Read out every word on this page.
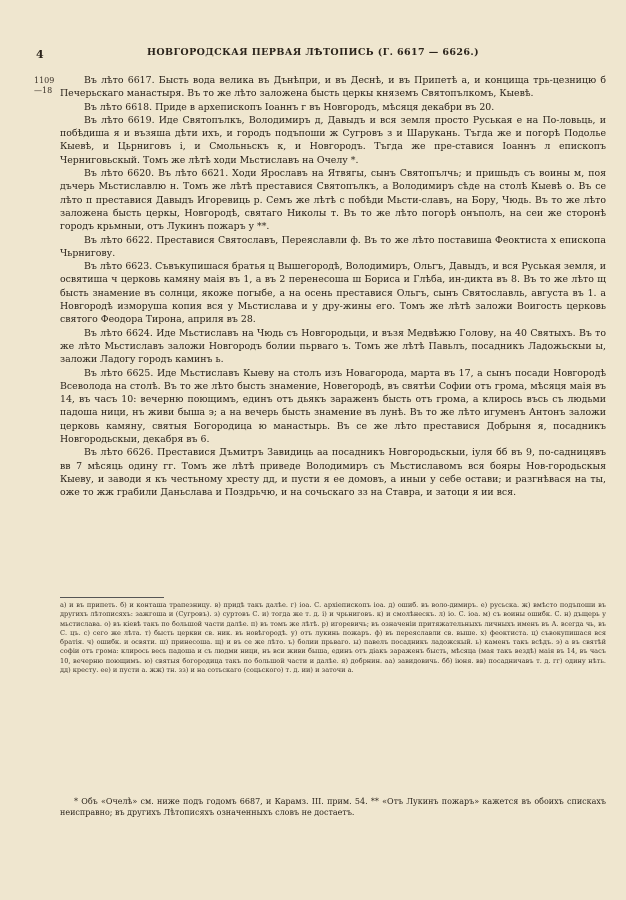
4	НОВГОРОДСКАЯ ПЕРВАЯ ЛѢТОПИСЬ (Г. 6617 — 6626.)
1109
—18

Въ лѣто 6617. Бысть вода велика въ Дънѣпри, и въ Деснѣ, и въ Припетѣ а, и концища трь-цезницю б Печерьскаго манастыря. Въ то же лѣто заложена бысть церкы княземъ Святопълкомъ, Кыевѣ.

Въ лѣто 6618. Приде в архепископъ Іоаннъ г въ Новгородъ, мѣсяця декабри въ 20.

Въ лѣто 6619. Иде Святопълкъ, Володимиръ д, Давыдъ и вся земля просто Руськая е на По-ловьць, и побѣдиша я и възяша дѣти ихъ, и городъ подъпоши ж Сугровъ з и Шарукань. Тъгда же и погорѣ Подолье Кыевѣ, и Цьрниговъ і, и Смольньскъ к, и Новгородъ. Тъгда же пре-ставися Іоаннъ л епископъ Черниговьскый. Томъ же лѣтѣ ходи Мьстиславъ на Очелу *.

Въ лѣто 6620. Въ лѣто 6621. Ходи Ярославъ на Ятвягы, сынъ Святопълчь; и пришьдъ съ воины м, поя дъчерь Мьстиславлю н. Томъ же лѣтѣ преставися Святопълкъ, а Володимиръ сѣде на столѣ Кыевѣ о. Въ се лѣто п преставися Давыдъ Игоревиць р. Семъ же лѣтѣ с побѣди Мьсти-славъ, на Бору, Чюдь. Въ то же лѣто заложена бысть церкы, Новгородѣ, святаго Николы т. Въ то же лѣто погорѣ онъполъ, на сеи же сторонѣ городъ крьмныи, отъ Лукинъ пожаръ у **.

Въ лѣто 6622. Преставися Святославъ, Переяславли ф. Въ то же лѣто поставиша Феоктиста х епископа Чьрнигову.

Въ лѣто 6623. Съвъкупишася братья ц Вышегородѣ, Володимиръ, Ольгъ, Давыдъ, и вся Руськая земля, и освятиша ч церковь камяну маія въ 1, а въ 2 перенесоша ш Бориса и Глѣба, ин-дикта въ 8. Въ то же лѣто щ бысть знамение въ солнци, якоже погыбе, а на осень преставися Ольгъ, сынъ Святославль, августа въ 1. а Новгородѣ изморуша копия вся у Мьстислава и у дру-жины его. Томъ же лѣтѣ заложи Воигость церковь святого Феодора Тирона, априля въ 28.

Въ лѣто 6624. Иде Мьстиславъ на Чюдь съ Новгородьци, и възя Медвѣжю Голову, на 40 Святыхъ. Въ то же лѣто Мьстиславъ заложи Новгородъ болии пьрваго ъ. Томъ же лѣтѣ Павьлъ, посадникъ Ладожьскыи ы, заложи Ладогу городъ каминъ ь.

Въ лѣто 6625. Иде Мьстиславъ Кыеву на столъ изъ Новагорода, марта въ 17, а сынъ посади Новгородѣ Всеволода на столѣ. Въ то же лѣто бысть знамение, Новегородѣ, въ святѣи Софии отъ грома, мѣсяця маія въ 14, въ часъ 10: вечерню поющимъ, единъ отъ дьякъ зараженъ бысть отъ грома, а клирось въсь съ людьми падоша ници, нъ живи быша э; а на вечерь бысть знамение въ лунѣ. Въ то же лѣто игуменъ Антонъ заложи церковь камяну, святыя Богородица ю манастырь. Въ се же лѣто преставися Добрыня я, посадникъ Новгородьскыи, декабря въ 6.

Въ лѣто 6626. Преставися Дъмитръ Завидиць аа посадникъ Новгородьскыи, іуля бб въ 9, по-садницявъ вв 7 мѣсяць одину гг. Томъ же лѣтѣ приведе Володимиръ съ Мьстиславомъ вся бояры Нов-городьскыя Кыеву, и заводи я къ честьному хресту дд, и пусти я ее домовъ, а иныи у себе остави; и разгнѣвася на ты, оже то жж грабили Даньслава и Поздрьчю, и на сочьскаго зз на Ставра, и затоци я ии вся.

а) и въ припеть. б) и конташа трапезницу. в) придѣ такъ далѣе. г) іоа. С. архіепископъ іоа. д) ошиб. въ воло-димиръ. е) русьска. ж) вмѣсто подъпоши въ другихъ лѣтописяхъ: зажгоша и (Сугровъ). з) суртовъ С. и) тогда же т. д. і) и чрьниговъ. к) и смолѣнескъ. л) іо. С. іоа. м) съ воины ошибк. С. н) дъщерь у мьстислава. о) въ кіевѣ такъ по большой части далѣе. п) въ томъ же лѣтѣ. р) игоревичь; въ означеніи притяжательныхъ личныхъ именъ въ А. всегда чь, въ С. цъ. с) сего же лѣта. т) бысть церкви св. ник. въ новѣгородѣ. у) отъ лукинь пожаръ. ф) въ переяславли св. выше. х) феоктиста. ц) съвокупишася вся братія. ч) ошибк. и освяти. ш) принесоша. щ) и въ се же лѣто. ъ) болии прьваго. ы) павелъ посадникъ ладожскый. ь) каменъ такъ всѣдъ. э) а въ святѣй софіи отъ грома: клирось весь падоша и съ людми ници, нъ вси живи быша, единъ отъ дiакъ зараженъ бысть, мѣсяца (мая такъ вездѣ) маія въ 14, въ часъ 10, вечерню поющимъ. ю) святыя богородица такъ по большой части и далѣе. я) добрнин. аа) завидовичь. бб) іюня. вв) посадничавъ т. д. гг) одину нѣть. дд) кресту. ее) и пусти а. жж) тн. зз) и на сотьскаго (соцьского) т. д. ии) и заточи а.

* Объ «Очелѣ» см. ниже подъ годомъ 6687, и Карамз. III. прим. 54. ** «Отъ Лукинъ пожаръ» кажется въ обоихъ спискахъ неисправно; въ другихъ Лѣтописяхъ означенныхъ словъ не достаетъ.
